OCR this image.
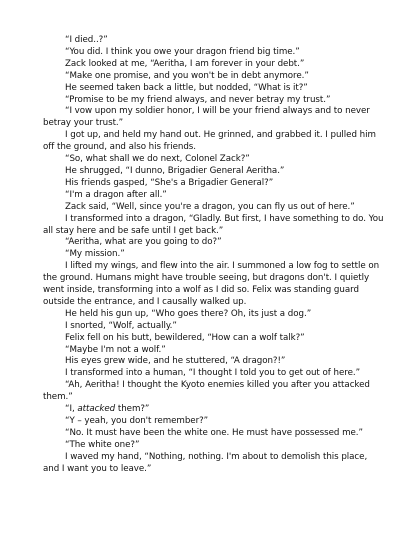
“I died..?”

“You did. I think you owe your dragon friend big time.”

Zack looked at me, “Aeritha, I am forever in your debt.”

“Make one promise, and you won't be in debt anymore.”

He seemed taken back a little, but nodded, “What is it?”

“Promise to be my friend always, and never betray my trust.”

“I vow upon my soldier honor, I will be your friend always and to never betray your trust.”

I got up, and held my hand out. He grinned, and grabbed it. I pulled him off the ground, and also his friends.

“So, what shall we do next, Colonel Zack?”

He shrugged, “I dunno, Brigadier General Aeritha.”

His friends gasped, “She's a Brigadier General?”

“I'm a dragon after all.”

Zack said, “Well, since you're a dragon, you can fly us out of here.”

I transformed into a dragon, “Gladly. But first, I have something to do. You all stay here and be safe until I get back.”

“Aeritha, what are you going to do?”

“My mission.”

I lifted my wings, and flew into the air. I summoned a low fog to settle on the ground. Humans might have trouble seeing, but dragons don't. I quietly went inside, transforming into a wolf as I did so. Felix was standing guard outside the entrance, and I causally walked up.

He held his gun up, “Who goes there? Oh, its just a dog.”

I snorted, “Wolf, actually.”

Felix fell on his butt, bewildered, “How can a wolf talk?”

“Maybe I'm not a wolf.”

His eyes grew wide, and he stuttered, “A dragon?!”

I transformed into a human, “I thought I told you to get out of here.”

“Ah, Aeritha! I thought the Kyoto enemies killed you after you attacked them.”

“I, attacked them?”

“Y – yeah, you don't remember?”

“No. It must have been the white one. He must have possessed me.”

“The white one?”

I waved my hand, “Nothing, nothing. I'm about to demolish this place, and I want you to leave.”
